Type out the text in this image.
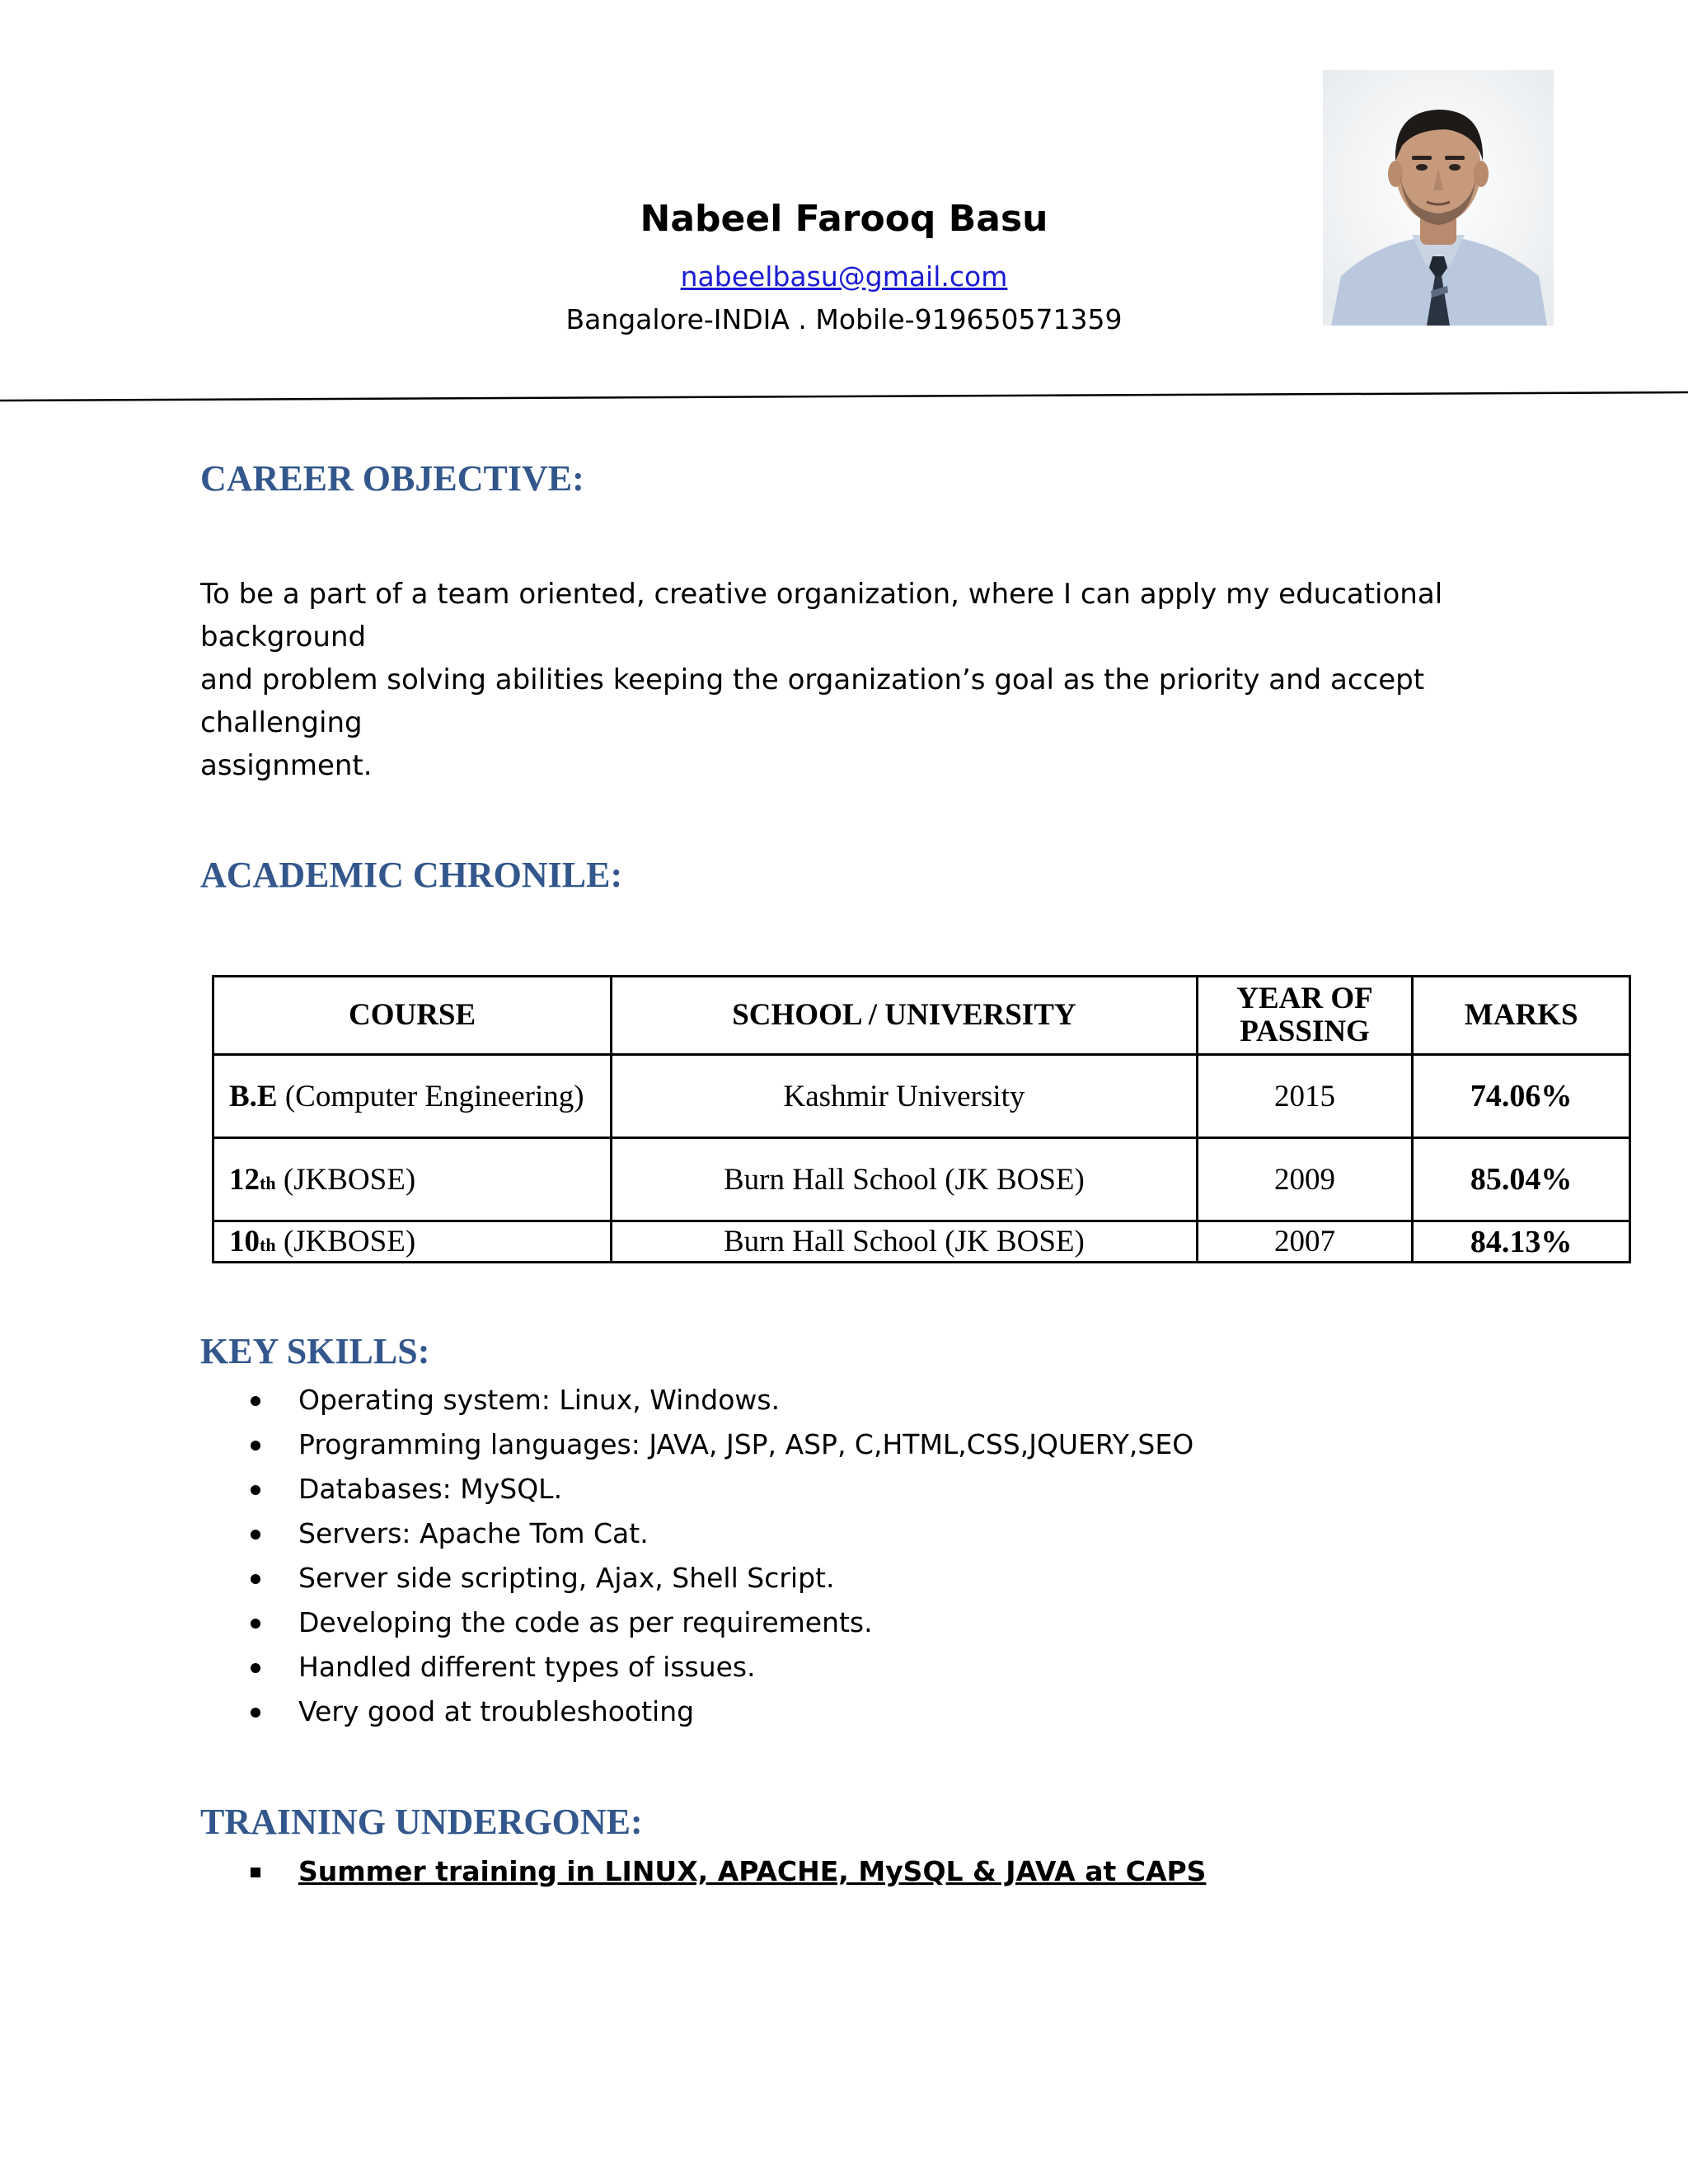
Nabeel Farooq Basu
nabeelbasu@gmail.com
Bangalore-INDIA . Mobile-919650571359
CAREER OBJECTIVE:
To be a part of a team oriented, creative organization, where I can apply my educational background
and problem solving abilities keeping the organization’s goal as the priority and accept challenging
assignment.
ACADEMIC CHRONILE:
COURSE	SCHOOL / UNIVERSITY	YEAR OF PASSING	MARKS
B.E (Computer Engineering)	Kashmir University	2015	74.06%
12th (JKBOSE)	Burn Hall School (JK BOSE)	2009	85.04%
10th (JKBOSE)	Burn Hall School (JK BOSE)	2007	84.13%
KEY SKILLS:
Operating system: Linux, Windows.
Programming languages: JAVA, JSP, ASP, C,HTML,CSS,JQUERY,SEO
Databases: MySQL.
Servers: Apache Tom Cat.
Server side scripting, Ajax, Shell Script.
Developing the code as per requirements.
Handled different types of issues.
Very good at troubleshooting
TRAINING UNDERGONE:
Summer training in LINUX, APACHE, MySQL & JAVA at CAPS
